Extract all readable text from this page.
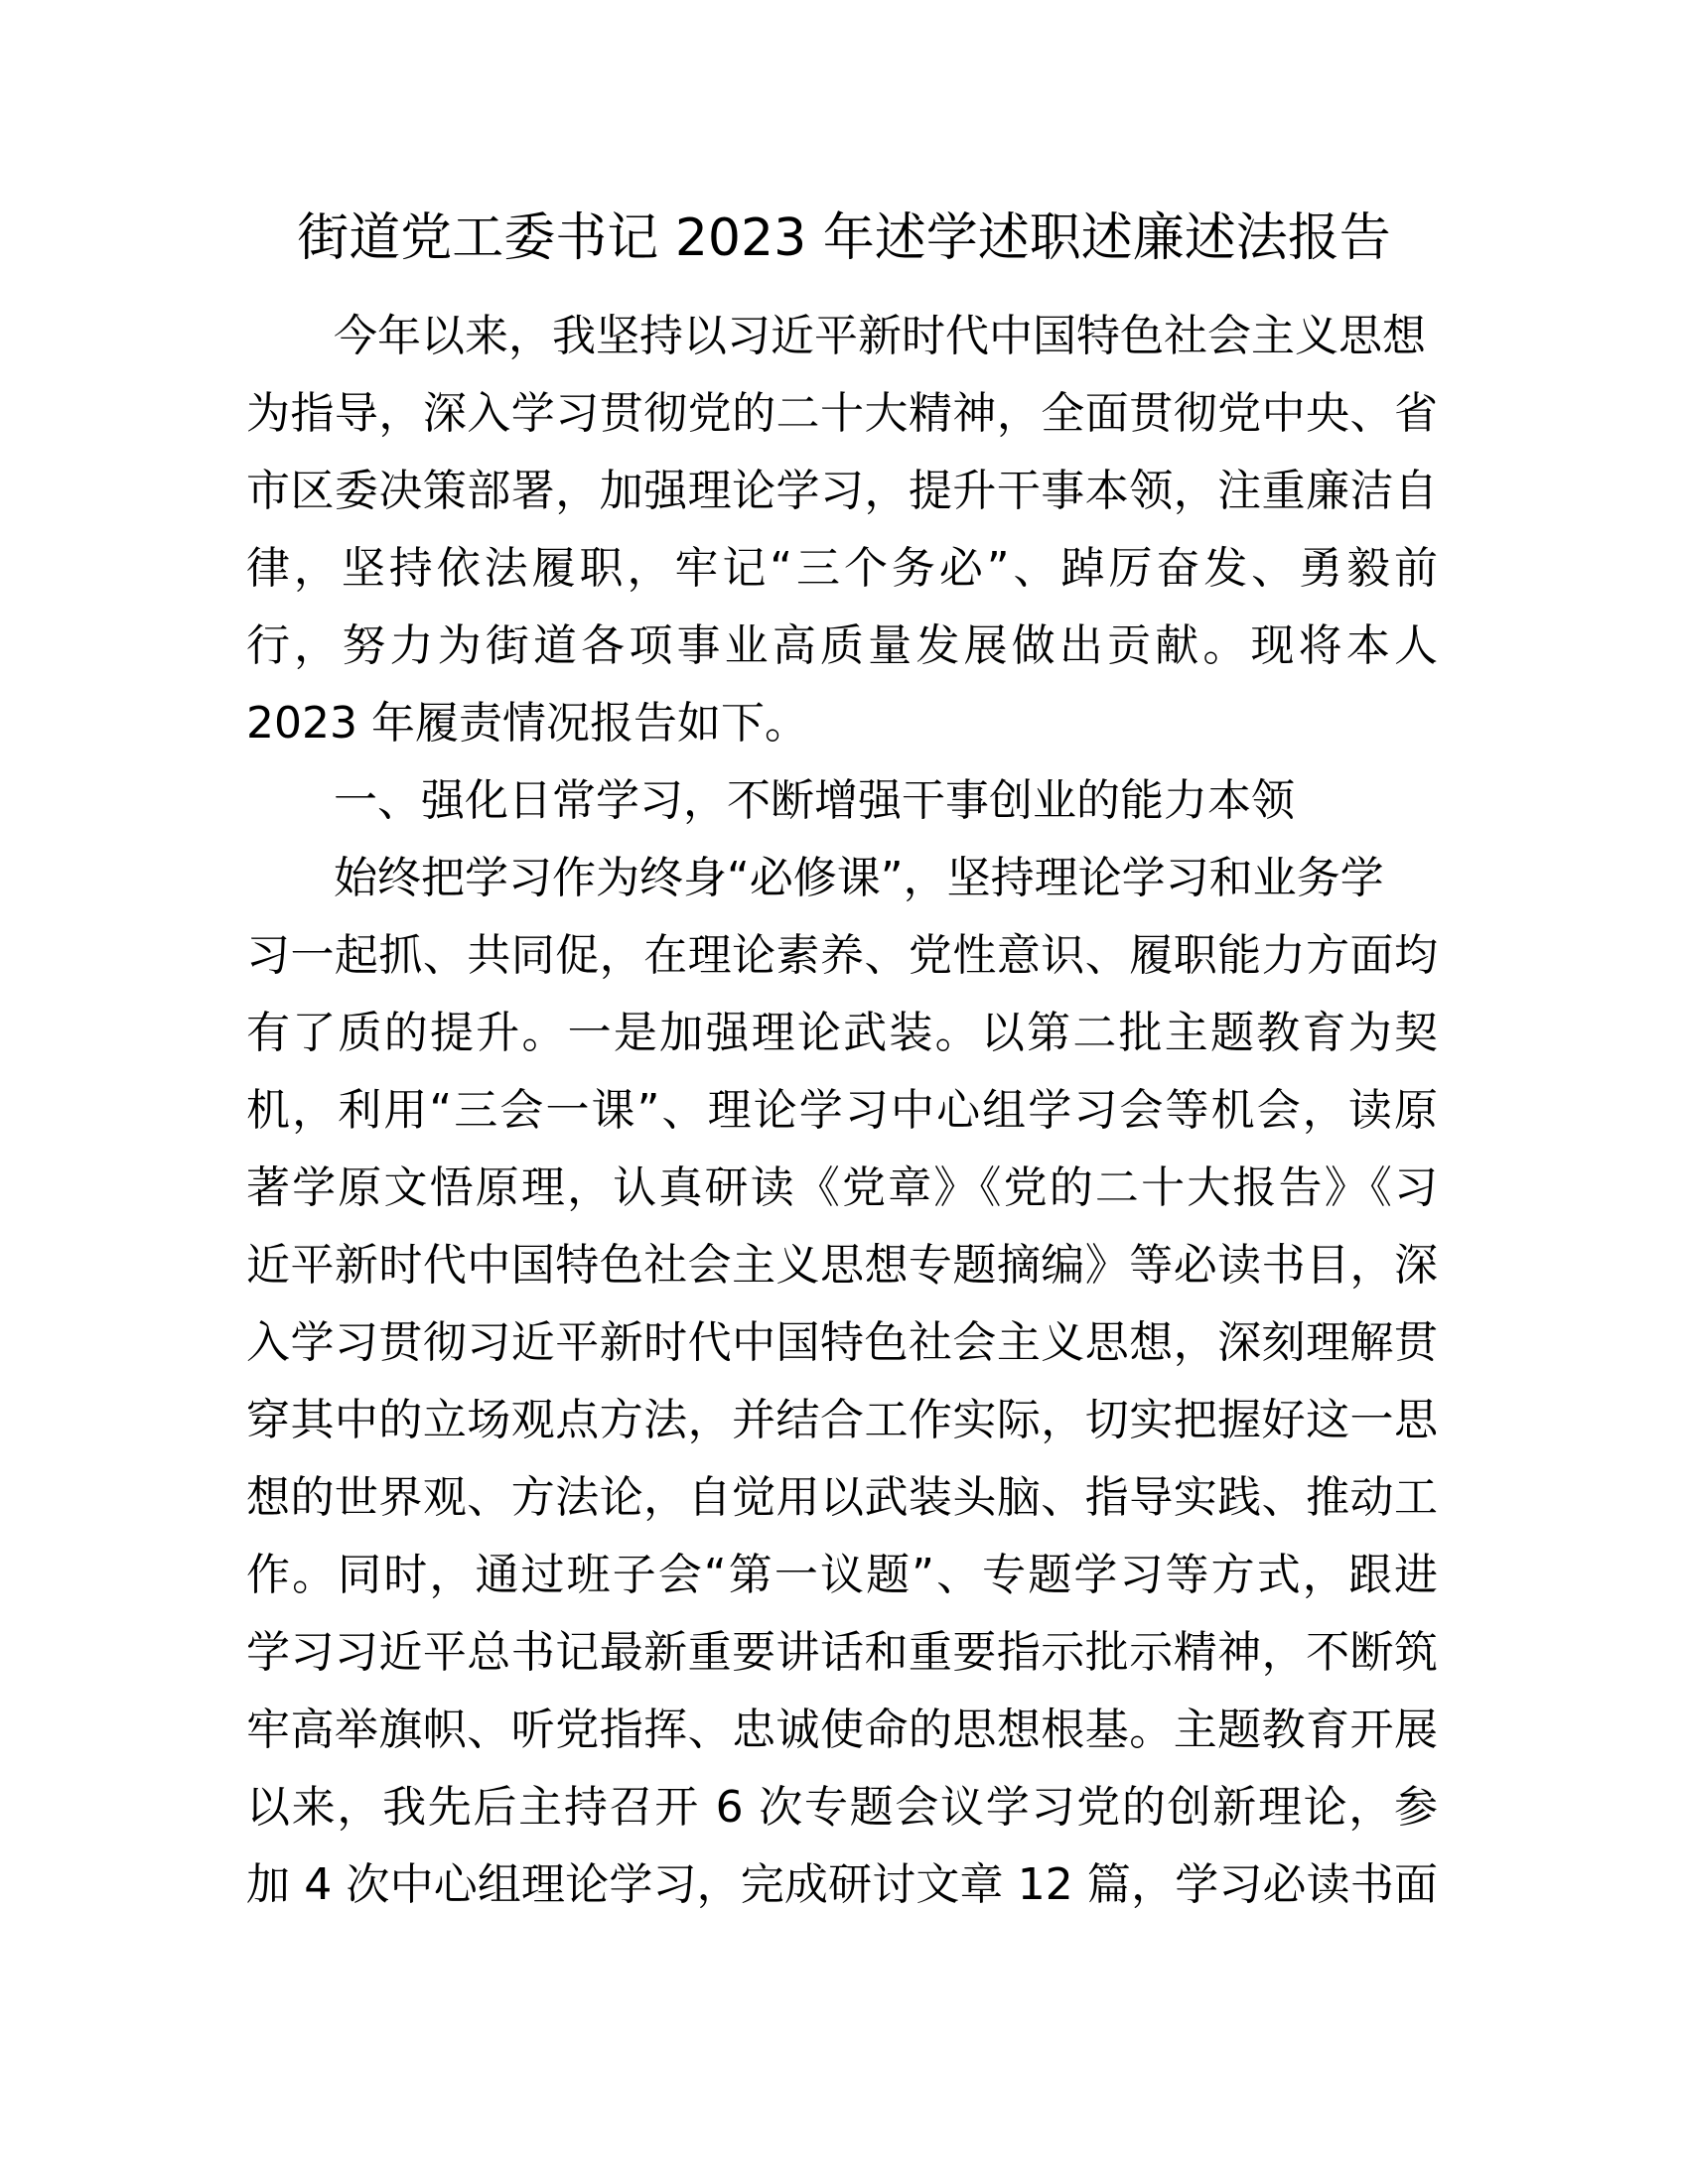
街道党工委书记 2023 年述学述职述廉述法报告
今年以来，我坚持以习近平新时代中国特色社会主义思想
为指导，深入学习贯彻党的二十大精神，全面贯彻党中央、省
市区委决策部署，加强理论学习，提升干事本领，注重廉洁自
律，坚持依法履职，牢记“三个务必”、踔厉奋发、勇毅前
行，努力为街道各项事业高质量发展做出贡献。现将本人
2023 年履责情况报告如下。
一、强化日常学习，不断增强干事创业的能力本领
始终把学习作为终身“必修课”，坚持理论学习和业务学
习一起抓、共同促，在理论素养、党性意识、履职能力方面均
有了质的提升。一是加强理论武装。以第二批主题教育为契
机，利用“三会一课”、理论学习中心组学习会等机会，读原
著学原文悟原理，认真研读《党章》《党的二十大报告》《习
近平新时代中国特色社会主义思想专题摘编》等必读书目，深
入学习贯彻习近平新时代中国特色社会主义思想，深刻理解贯
穿其中的立场观点方法，并结合工作实际，切实把握好这一思
想的世界观、方法论，自觉用以武装头脑、指导实践、推动工
作。同时，通过班子会“第一议题”、专题学习等方式，跟进
学习习近平总书记最新重要讲话和重要指示批示精神，不断筑
牢高举旗帜、听党指挥、忠诚使命的思想根基。主题教育开展
以来，我先后主持召开 6 次专题会议学习党的创新理论，参
加 4 次中心组理论学习，完成研讨文章 12 篇，学习必读书面
